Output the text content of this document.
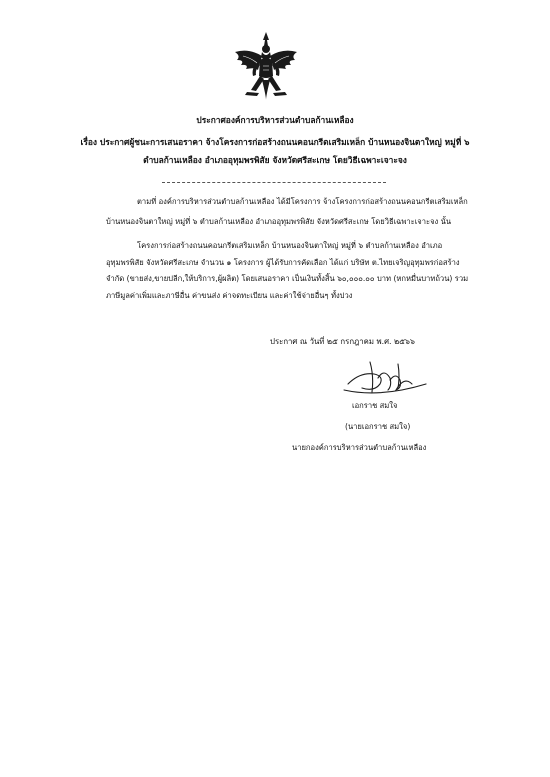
ประกาศองค์การบริหารส่วนตำบลก้านเหลือง
เรื่อง ประกาศผู้ชนะการเสนอราคา จ้างโครงการก่อสร้างถนนคอนกรีตเสริมเหล็ก บ้านหนองจินตาใหญ่ หมู่ที่ ๖
ตำบลก้านเหลือง อำเภออุทุมพรพิสัย จังหวัดศรีสะเกษ โดยวิธีเฉพาะเจาะจง
ตามที่ องค์การบริหารส่วนตำบลก้านเหลือง ได้มีโครงการ จ้างโครงการก่อสร้างถนนคอนกรีตเสริมเหล็ก
บ้านหนองจินตาใหญ่ หมู่ที่ ๖ ตำบลก้านเหลือง อำเภออุทุมพรพิสัย จังหวัดศรีสะเกษ โดยวิธีเฉพาะเจาะจง นั้น
โครงการก่อสร้างถนนคอนกรีตเสริมเหล็ก บ้านหนองจินตาใหญ่ หมู่ที่ ๖ ตำบลก้านเหลือง อำเภอ
อุทุมพรพิสัย จังหวัดศรีสะเกษ จำนวน ๑ โครงการ ผู้ได้รับการคัดเลือก ได้แก่ บริษัท ต.ไทยเจริญอุทุมพรก่อสร้าง
จำกัด (ขายส่ง,ขายปลีก,ให้บริการ,ผู้ผลิต) โดยเสนอราคา เป็นเงินทั้งสิ้น ๖๐,๐๐๐.๐๐ บาท (หกหมื่นบาทถ้วน) รวม
ภาษีมูลค่าเพิ่มและภาษีอื่น ค่าขนส่ง ค่าจดทะเบียน และค่าใช้จ่ายอื่นๆ ทั้งปวง
ประกาศ ณ วันที่ ๒๕ กรกฎาคม พ.ศ. ๒๕๖๖
เอกราช สมใจ
(นายเอกราช สมใจ)
นายกองค์การบริหารส่วนตำบลก้านเหลือง
